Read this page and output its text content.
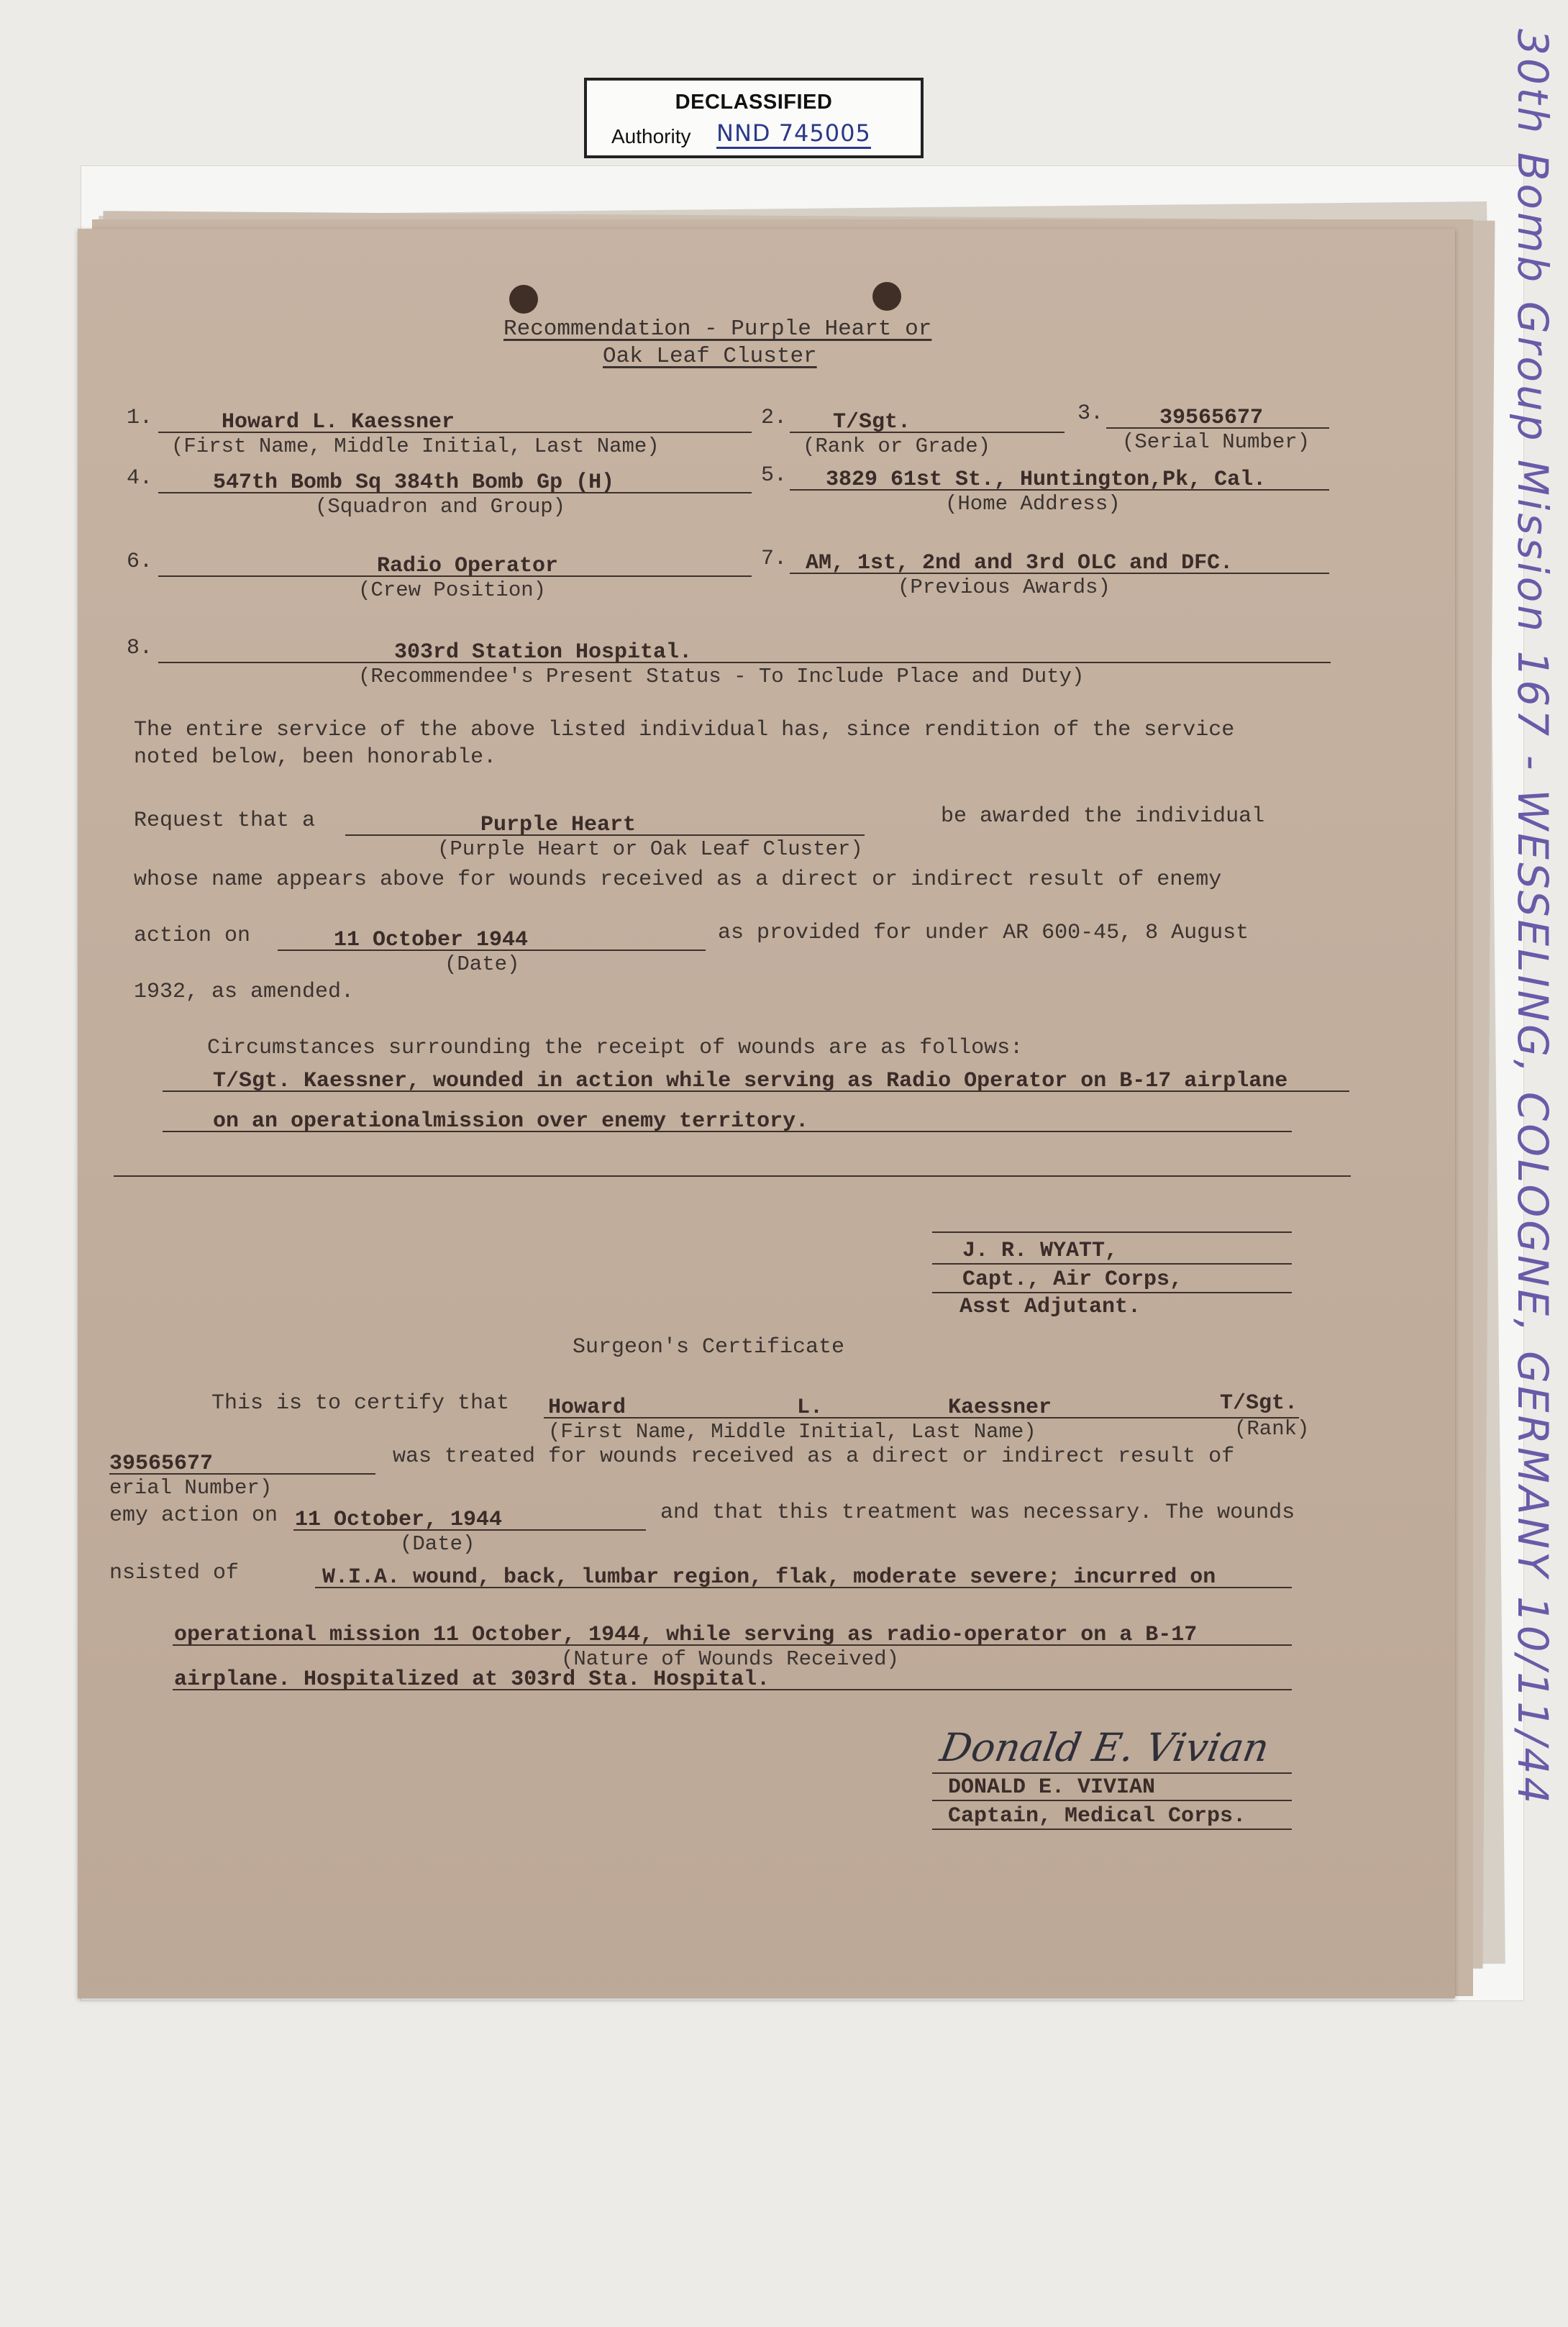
DECLASSIFIED
Authority NND 745005	30th Bomb Group Mission 167 - WESSELING, COLOGNE, GERMANY 10/11/44
Recommendation - Purple Heart or
Oak Leaf Cluster
1.	Howard L. Kaessner
(First Name, Middle Initial, Last Name)
2. T/Sgt.
(Rank or Grade)
3.	39565677
(Serial Number)
4.	547th Bomb Sq 384th Bomb Gp (H)
(Squadron and Group)
5. 3829 61st St., Huntington,Pk, Cal.
(Home Address)
6.	Radio Operator
(Crew Position)
7. AM, 1st, 2nd and 3rd OLC and DFC.
(Previous Awards)
8.	303rd Station Hospital.
(Recommendee's Present Status - To Include Place and Duty)
The entire service of the above listed individual has, since rendition of the service
noted below, been honorable.
Request that a	Purple Heart	be awarded the individual
(Purple Heart or Oak Leaf Cluster)
whose name appears above for wounds received as a direct or indirect result of enemy
action on	11 October 1944	as provided for under AR 600-45, 8 August
(Date)
1932, as amended.
Circumstances surrounding the receipt of wounds are as follows:
T/Sgt. Kaessner, wounded in action while serving as Radio Operator on B-17 airplane
on an operationalmission over enemy territory.
J. R. WYATT,
Capt., Air Corps,
Asst Adjutant.
Surgeon's Certificate
This is to certify that Howard	L.	Kaessner	T/Sgt.
(First Name, Middle Initial, Last Name)	(Rank)
39565677	was treated for wounds received as a direct or indirect result of
erial Number)
emy action on 11 October, 1944	and that this treatment was necessary. The wounds
(Date)
nsisted of	W.I.A. wound, back, lumbar region, flak, moderate severe; incurred on
operational mission 11 October, 1944, while serving as radio-operator on a B-17
(Nature of Wounds Received)
airplane. Hospitalized at 303rd Sta. Hospital.
Donald E. Vivian
DONALD E. VIVIAN
Captain, Medical Corps.
